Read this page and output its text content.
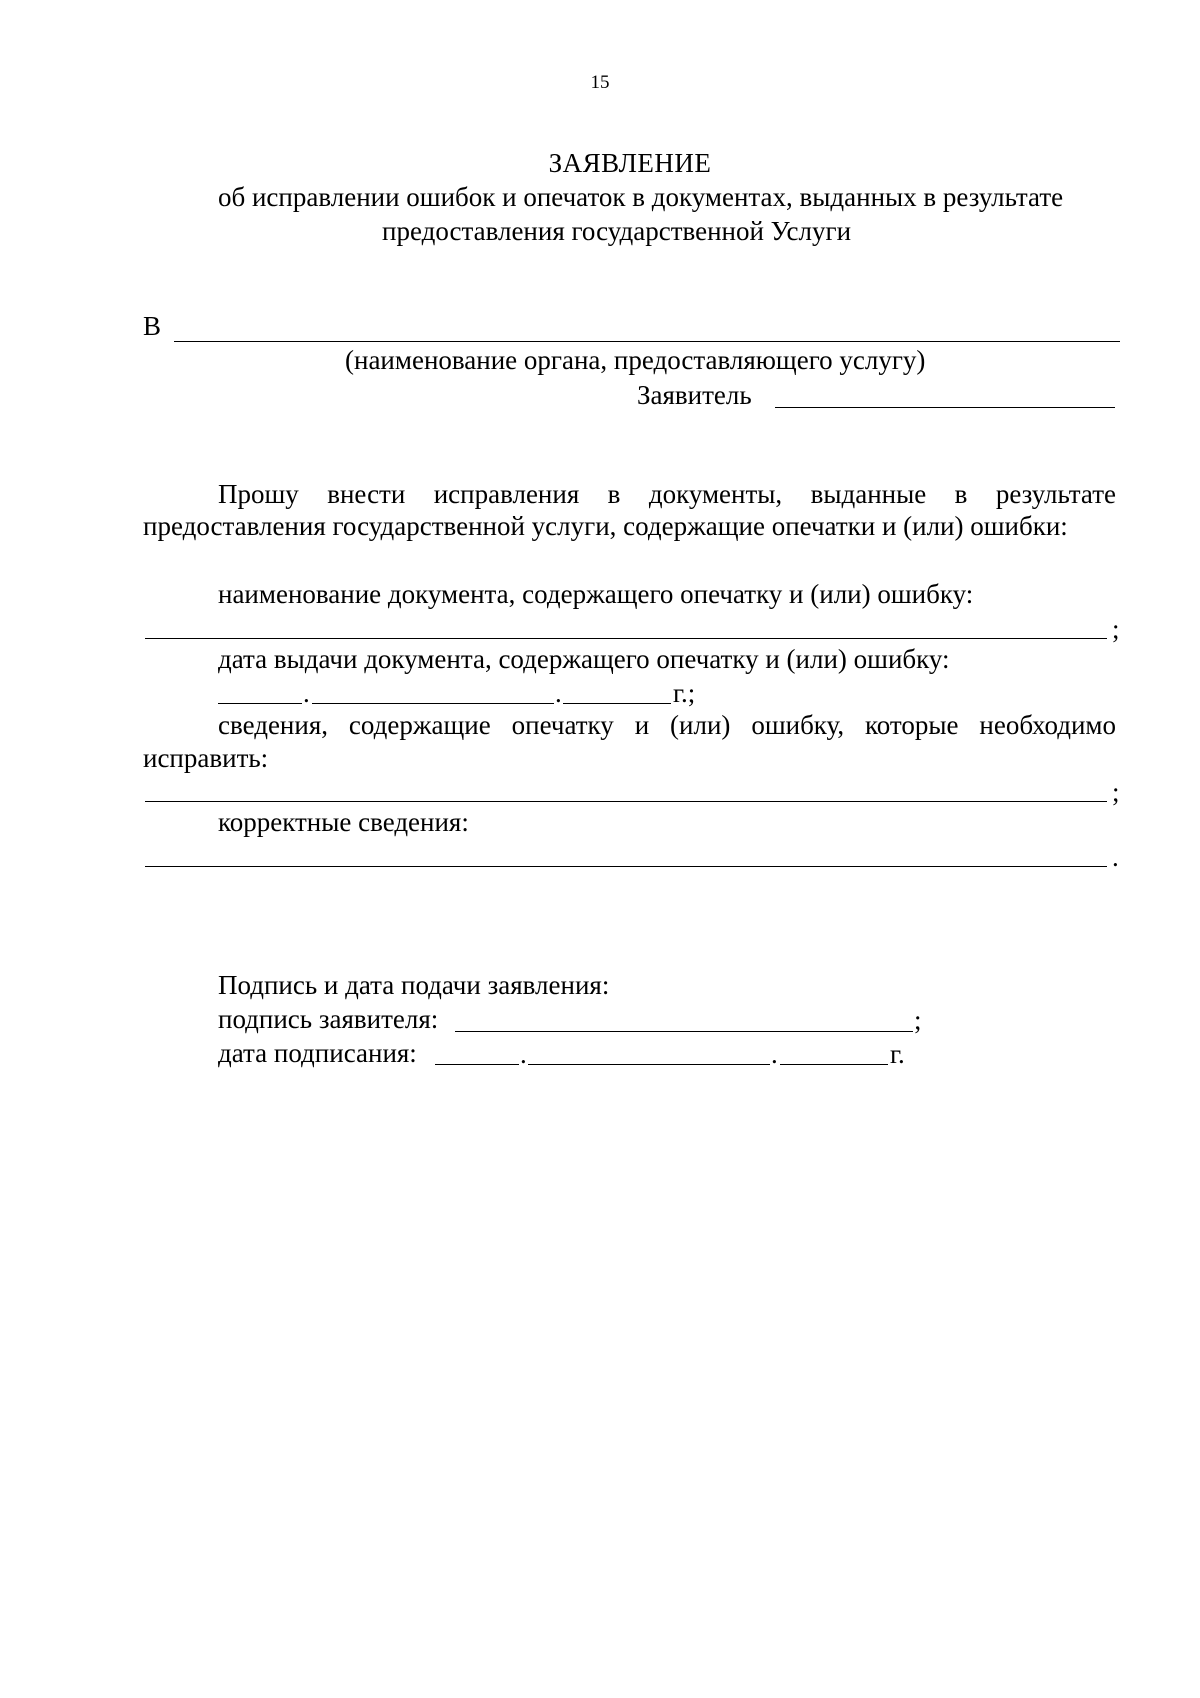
15
ЗАЯВЛЕНИЕ
об исправлении ошибок и опечаток в документах, выданных в результате
предоставления государственной Услуги
В
(наименование органа, предоставляющего услугу)
Заявитель
Прошу внести исправления в документы, выданные в результате
предоставления государственной услуги, содержащие опечатки и (или) ошибки:
наименование документа, содержащего опечатку и (или) ошибку:
;
дата выдачи документа, содержащего опечатку и (или) ошибку:
.	.	г.;
сведения, содержащие опечатку и (или) ошибку, которые необходимо
исправить:
;
корректные сведения:
.
Подпись и дата подачи заявления:
подпись заявителя:	;
дата подписания:	.	.	г.
